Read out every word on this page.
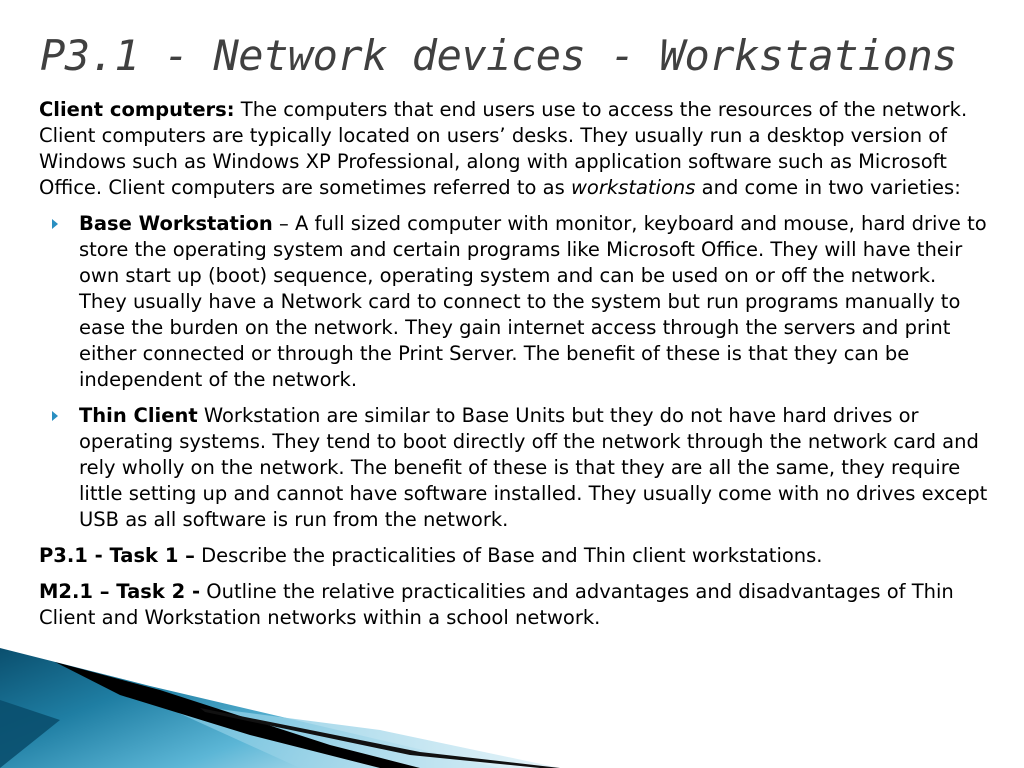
P3.1 - Network devices - Workstations

Client computers: The computers that end users use to access the resources of the network. Client computers are typically located on users’ desks. They usually run a desktop version of Windows such as Windows XP Professional, along with application software such as Microsoft Office. Client computers are sometimes referred to as workstations and come in two varieties:

Base Workstation – A full sized computer with monitor, keyboard and mouse, hard drive to store the operating system and certain programs like Microsoft Office. They will have their own start up (boot) sequence, operating system and can be used on or off the network. They usually have a Network card to connect to the system but run programs manually to ease the burden on the network. They gain internet access through the servers and print either connected or through the Print Server. The benefit of these is that they can be independent of the network.
Thin Client Workstation are similar to Base Units but they do not have hard drives or operating systems. They tend to boot directly off the network through the network card and rely wholly on the network. The benefit of these is that they are all the same, they require little setting up and cannot have software installed. They usually come with no drives except USB as all software is run from the network.

P3.1 - Task 1 – Describe the practicalities of Base and Thin client workstations.

M2.1 – Task 2 - Outline the relative practicalities and advantages and disadvantages of Thin Client and Workstation networks within a school network.
